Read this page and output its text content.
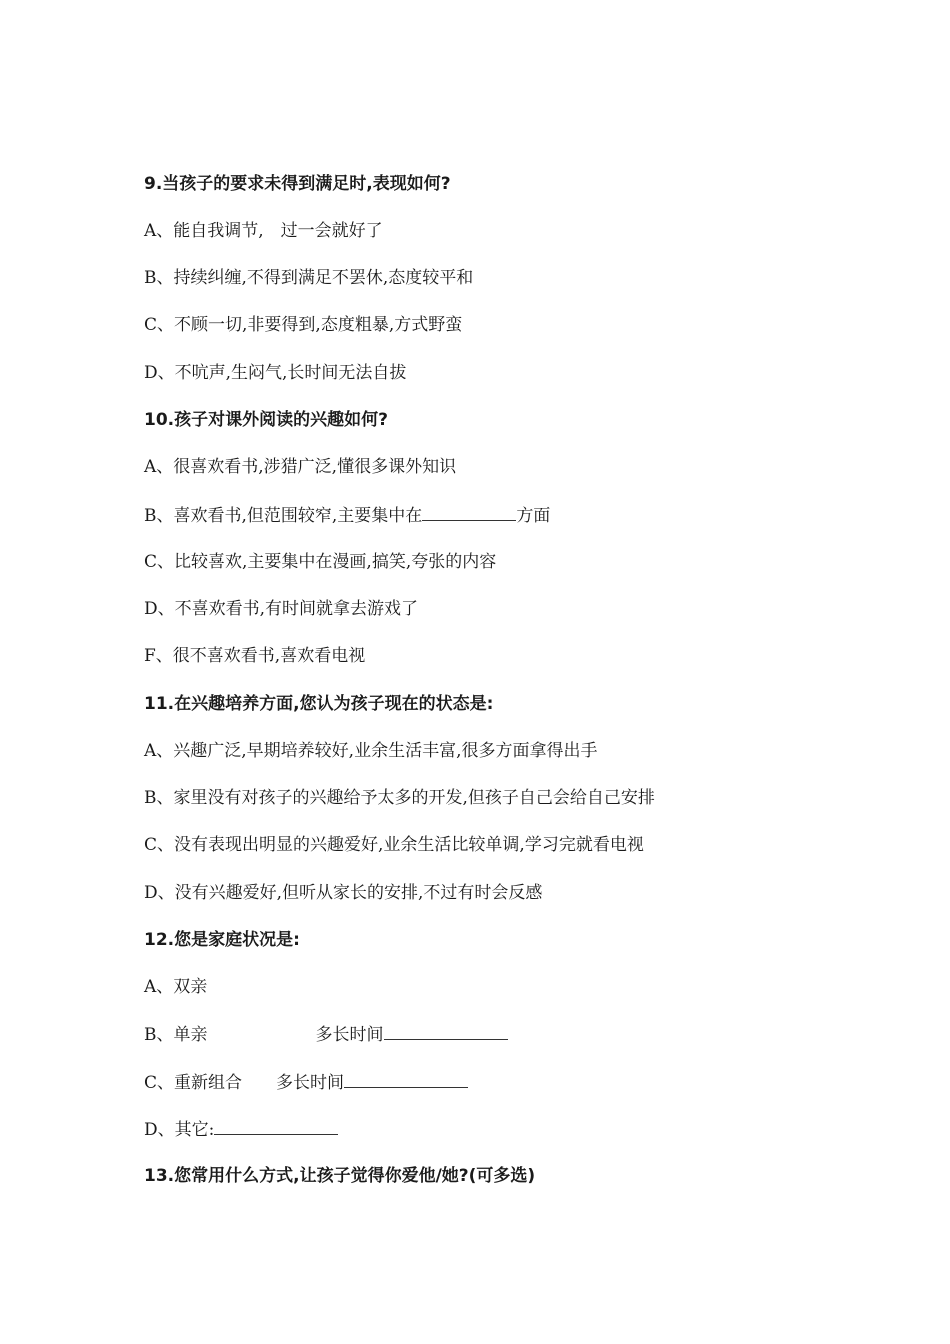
9.当孩子的要求未得到满足时,表现如何?
A、能自我调节,　过一会就好了
B、持续纠缠,不得到满足不罢休,态度较平和
C、不顾一切,非要得到,态度粗暴,方式野蛮
D、不吭声,生闷气,长时间无法自拔
10.孩子对课外阅读的兴趣如何?
A、很喜欢看书,涉猎广泛,懂很多课外知识
B、喜欢看书,但范围较窄,主要集中在	方面
C、比较喜欢,主要集中在漫画,搞笑,夸张的内容
D、不喜欢看书,有时间就拿去游戏了
F、很不喜欢看书,喜欢看电视
11.在兴趣培养方面,您认为孩子现在的状态是:
A、兴趣广泛,早期培养较好,业余生活丰富,很多方面拿得出手
B、家里没有对孩子的兴趣给予太多的开发,但孩子自己会给自己安排
C、没有表现出明显的兴趣爱好,业余生活比较单调,学习完就看电视
D、没有兴趣爱好,但听从家长的安排,不过有时会反感
12.您是家庭状况是:
A、双亲
B、单亲	多长时间
C、重新组合 多长时间
D、其它:
13.您常用什么方式,让孩子觉得你爱他/她?(可多选)
